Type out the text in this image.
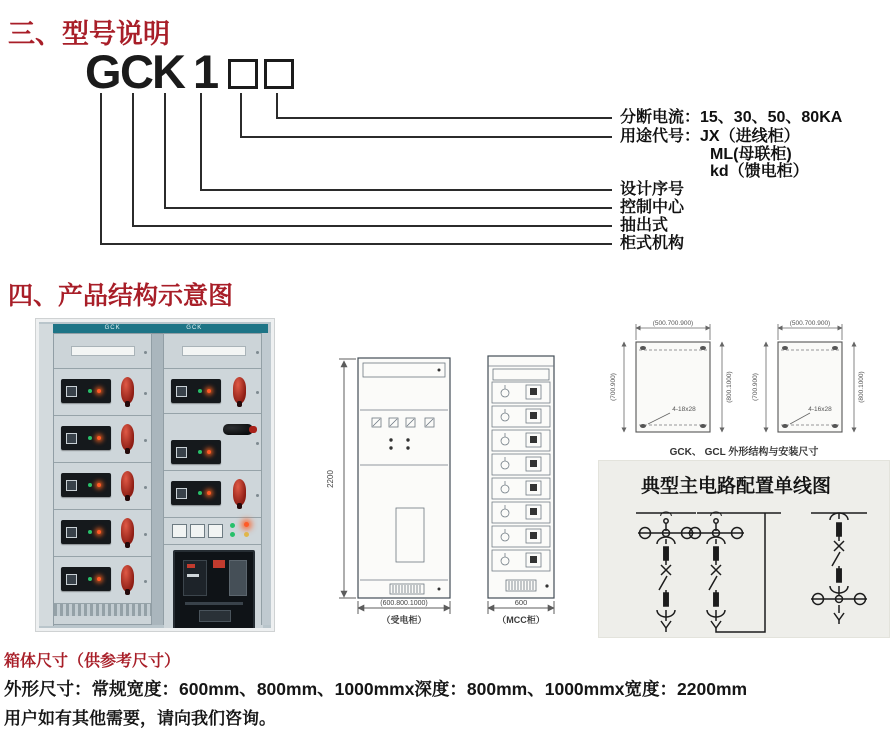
三、型号说明
G
C
K 1
分断电流：15、30、50、80KA
用途代号：JX（进线柜）
ML(母联柜)
kd（馈电柜）
设计序号
控制中心
抽出式
柜式机构
四、产品结构示意图
GCK	GCK
2200
(600.800.1000)
（受电柜）
600
（MCC柜）
(500.700.900)
(700.900)	(800.1000)
4-18x28
(500.700.900)
(700.900)	(800.1000)
4-16x28
GCK、 GCL 外形结构与安装尺寸
典型主电路配置单线图
箱体尺寸（供参考尺寸）
外形尺寸：常规宽度：600mm、800mm、1000mmx深度：800mm、1000mmx宽度：2200mm
用户如有其他需要，请向我们咨询。
